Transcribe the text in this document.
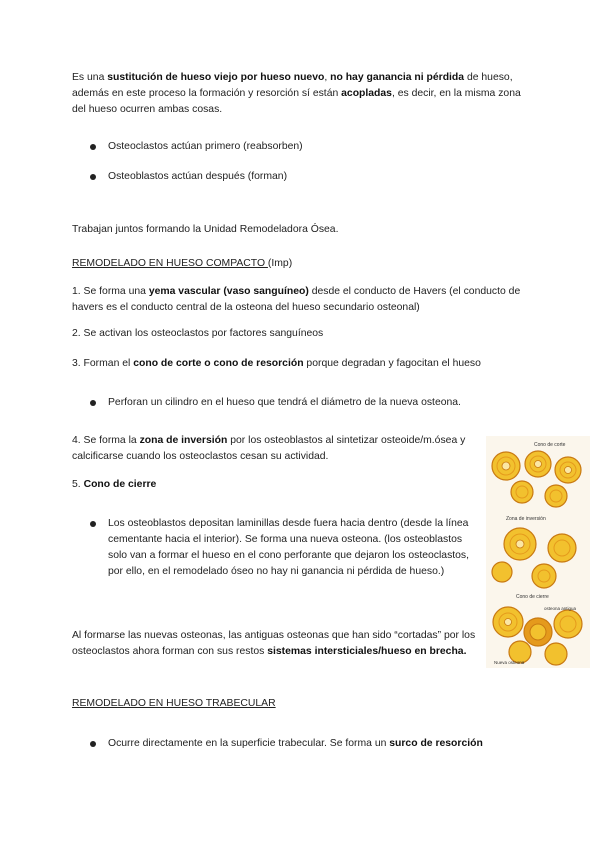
Es una sustitución de hueso viejo por hueso nuevo, no hay ganancia ni pérdida de hueso, además en este proceso la formación y resorción sí están acopladas, es decir, en la misma zona del hueso ocurren ambas cosas.
Osteoclastos actúan primero (reabsorben)
Osteoblastos actúan después (forman)
Trabajan juntos formando la Unidad Remodeladora Ósea.
REMODELADO EN HUESO COMPACTO (Imp)
1. Se forma una yema vascular (vaso sanguíneo) desde el conducto de Havers (el conducto de havers es el conducto central de la osteona del hueso secundario osteonal)
2. Se activan los osteoclastos por factores sanguíneos
3. Forman el cono de corte o cono de resorción porque degradan y fagocitan el hueso
Perforan un cilindro en el hueso que tendrá el diámetro de la nueva osteona.
4. Se forma la zona de inversión por los osteoblastos al sintetizar osteoide/m.ósea y calcificarse cuando los osteoclastos cesan su actividad.
5. Cono de cierre
Los osteoblastos depositan laminillas desde fuera hacia dentro (desde la línea cementante hacia el interior). Se forma una nueva osteona. (los osteoblastos solo van a formar el hueso en el cono perforante que dejaron los osteoclastos, por ello, en el remodelado óseo no hay ni ganancia ni pérdida de hueso.)
Al formarse las nuevas osteonas, las antiguas osteonas que han sido “cortadas” por los osteoclastos ahora forman con sus restos sistemas intersticiales/hueso en brecha.
REMODELADO EN HUESO TRABECULAR
Ocurre directamente en la superficie trabecular. Se forma un surco de resorción
Cono de corte
Zona de inversión
Cono de cierre
Nueva osteona
osteona antigua
